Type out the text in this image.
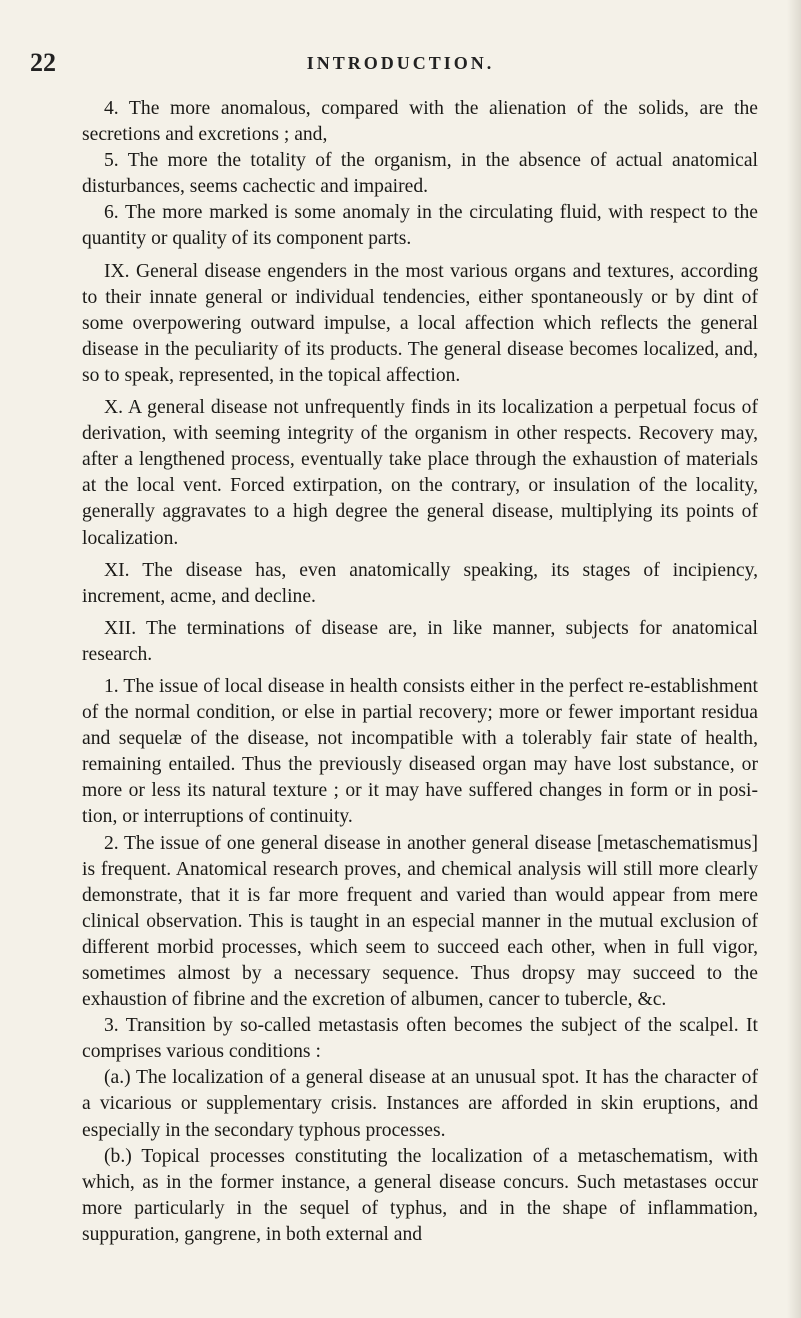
22	INTRODUCTION.

4. The more anomalous, compared with the alienation of the solids, are the secretions and excretions ; and,

5. The more the totality of the organism, in the absence of actual anatomical disturbances, seems cachectic and impaired.

6. The more marked is some anomaly in the circulating fluid, with respect to the quantity or quality of its component parts.

IX. General disease engenders in the most various organs and textures, according to their innate general or individual tendencies, either spontaneously or by dint of some overpowering outward impulse, a local affection which reflects the general disease in the peculiarity of its products. The general disease becomes localized, and, so to speak, represented, in the topical affection.

X. A general disease not unfrequently finds in its localization a perpetual focus of derivation, with seeming integrity of the organism in other respects. Recovery may, after a lengthened process, eventually take place through the exhaustion of materials at the local vent. Forced extirpation, on the contrary, or insulation of the locality, generally aggravates to a high degree the general disease, multiplying its points of localization.

XI. The disease has, even anatomically speaking, its stages of incipiency, increment, acme, and decline.

XII. The terminations of disease are, in like manner, subjects for anatomical research.

1. The issue of local disease in health consists either in the perfect re-establishment of the normal condition, or else in partial recovery; more or fewer important residua and sequelæ of the disease, not incompatible with a tolerably fair state of health, remaining entailed. Thus the previously diseased organ may have lost substance, or more or less its natural texture ; or it may have suffered changes in form or in position, or interruptions of continuity.

2. The issue of one general disease in another general disease [metaschematismus] is frequent. Anatomical research proves, and chemical analysis will still more clearly demonstrate, that it is far more frequent and varied than would appear from mere clinical observation. This is taught in an especial manner in the mutual exclusion of different morbid processes, which seem to succeed each other, when in full vigor, sometimes almost by a necessary sequence. Thus dropsy may succeed to the exhaustion of fibrine and the excretion of albumen, cancer to tubercle, &c.

3. Transition by so-called metastasis often becomes the subject of the scalpel. It comprises various conditions :

(a.) The localization of a general disease at an unusual spot. It has the character of a vicarious or supplementary crisis. Instances are afforded in skin eruptions, and especially in the secondary typhous processes.

(b.) Topical processes constituting the localization of a metaschematism, with which, as in the former instance, a general disease concurs. Such metastases occur more particularly in the sequel of typhus, and in the shape of inflammation, suppuration, gangrene, in both external and
